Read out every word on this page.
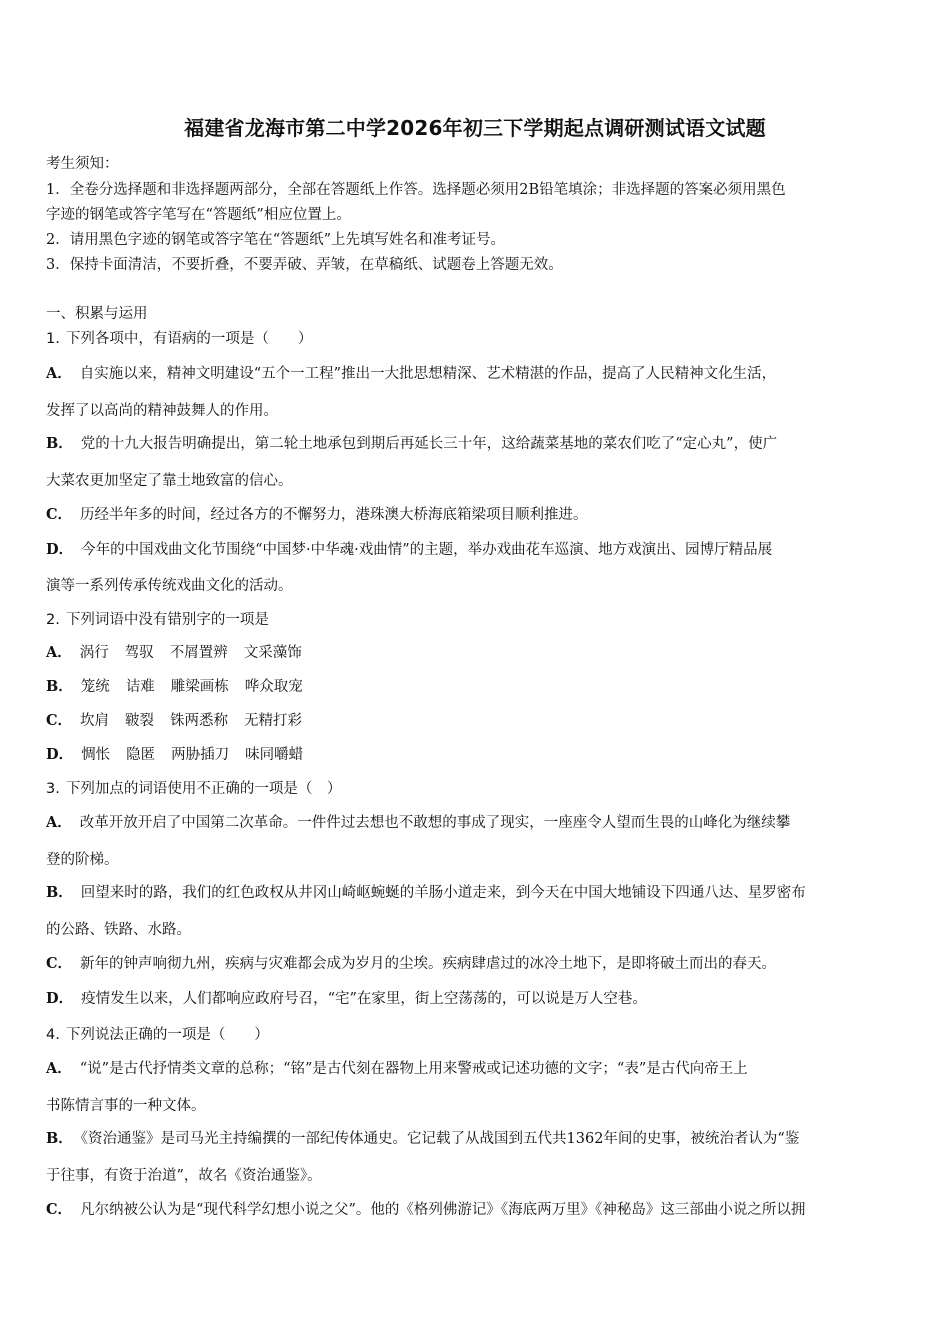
福建省龙海市第二中学2026年初三下学期起点调研测试语文试题
考生须知：
1．全卷分选择题和非选择题两部分，全部在答题纸上作答。选择题必须用2B铅笔填涂；非选择题的答案必须用黑色
字迹的钢笔或答字笔写在“答题纸”相应位置上。
2．请用黑色字迹的钢笔或答字笔在“答题纸”上先填写姓名和准考证号。
3．保持卡面清洁，不要折叠，不要弄破、弄皱，在草稿纸、试题卷上答题无效。
一、积累与运用
1. 下列各项中，有语病的一项是（　　）
A． 自实施以来，精神文明建设“五个一工程”推出一大批思想精深、艺术精湛的作品，提高了人民精神文化生活，
发挥了以高尚的精神鼓舞人的作用。
B． 党的十九大报告明确提出，第二轮土地承包到期后再延长三十年，这给蔬菜基地的菜农们吃了“定心丸”，使广
大菜农更加坚定了靠土地致富的信心。
C． 历经半年多的时间，经过各方的不懈努力，港珠澳大桥海底箱梁项目顺利推进。
D． 今年的中国戏曲文化节围绕“中国梦·中华魂·戏曲情”的主题，举办戏曲花车巡演、地方戏演出、园博厅精品展
演等一系列传承传统戏曲文化的活动。
2. 下列词语中没有错别字的一项是
A． 涡行 驾驭 不屑置辨 文采藻饰
B． 笼统 诘难 雕梁画栋 哗众取宠
C． 坎肩 皲裂 铢两悉称 无精打彩
D． 惆怅 隐匿 两胁插刀 味同嚼蜡
3. 下列加点的词语使用不正确的一项是（　）
A． 改革开放开启了中国第二次革命。一件件过去想也不敢想的事成了现实，一座座令人望而生畏的山峰化为继续攀
登的阶梯。
B． 回望来时的路，我们的红色政权从井冈山崎岖蜿蜒的羊肠小道走来，到今天在中国大地铺设下四通八达、星罗密布
的公路、铁路、水路。
C． 新年的钟声响彻九州，疾病与灾难都会成为岁月的尘埃。疾病肆虐过的冰冷土地下，是即将破土而出的春天。
D． 疫情发生以来，人们都响应政府号召，“宅”在家里，街上空荡荡的，可以说是万人空巷。
4. 下列说法正确的一项是（　　）
A． “说”是古代抒情类文章的总称；“铭”是古代刻在器物上用来警戒或记述功德的文字；“表”是古代向帝王上
书陈情言事的一种文体。
B． 《资治通鉴》是司马光主持编撰的一部纪传体通史。它记载了从战国到五代共1362年间的史事，被统治者认为“鉴
于往事，有资于治道”，故名《资治通鉴》。
C． 凡尔纳被公认为是“现代科学幻想小说之父”。他的《格列佛游记》《海底两万里》《神秘岛》这三部曲小说之所以拥
